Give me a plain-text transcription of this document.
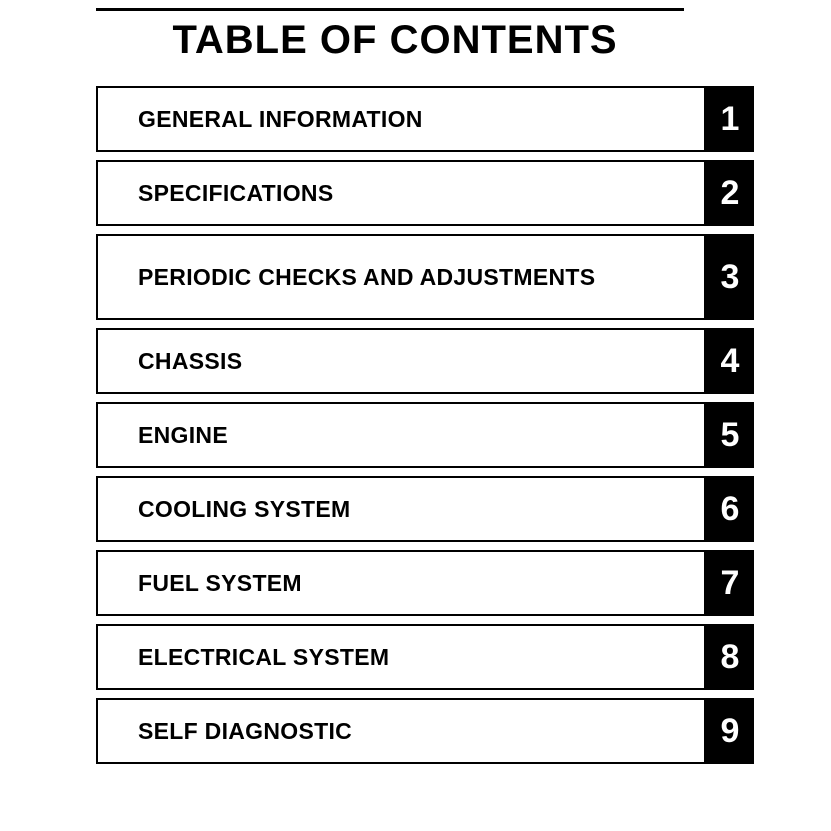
TABLE OF CONTENTS
GENERAL INFORMATION	1
SPECIFICATIONS	2
PERIODIC CHECKS AND ADJUSTMENTS	3
CHASSIS	4
ENGINE	5
COOLING SYSTEM	6
FUEL SYSTEM	7
ELECTRICAL SYSTEM	8
SELF DIAGNOSTIC	9
